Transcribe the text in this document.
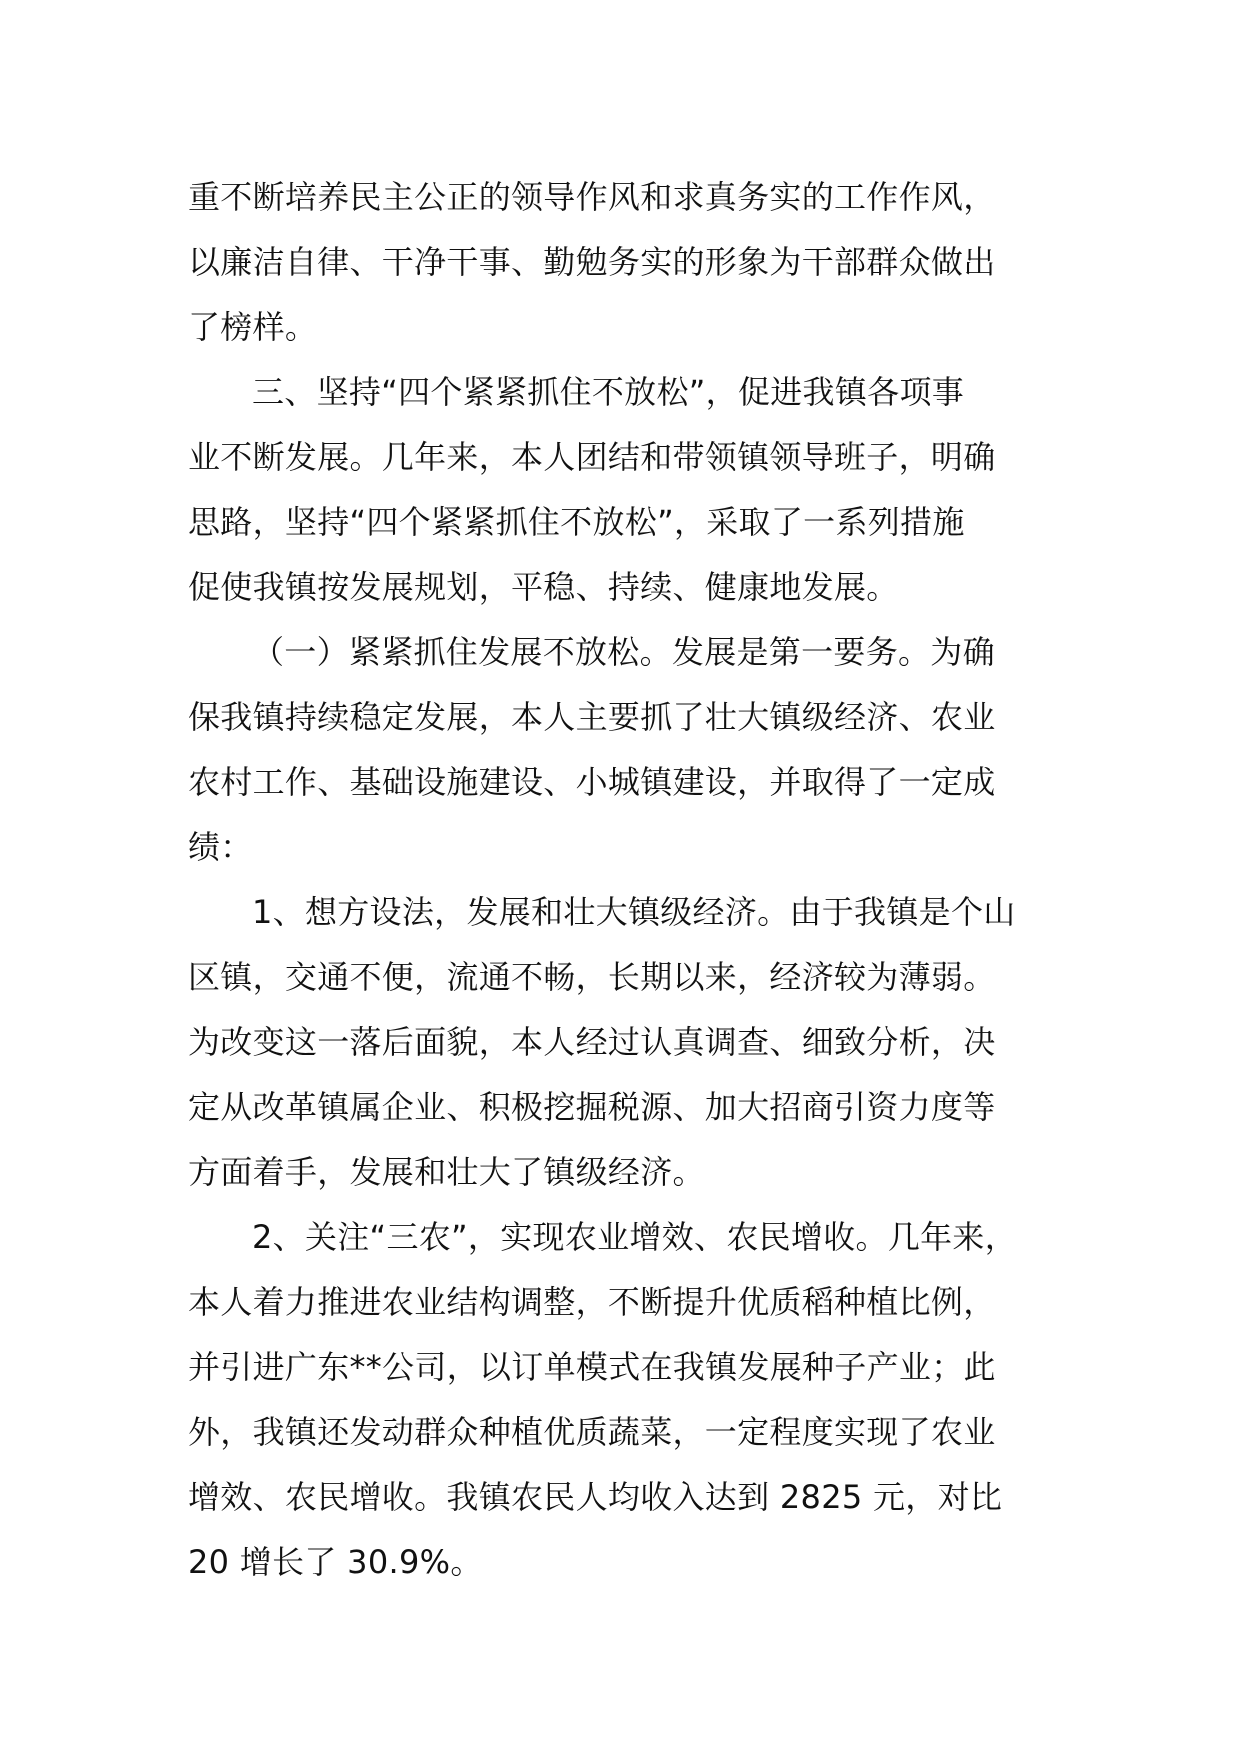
重不断培养民主公正的领导作风和求真务实的工作作风，
以廉洁自律、干净干事、勤勉务实的形象为干部群众做出
了榜样。
三、坚持“四个紧紧抓住不放松”，促进我镇各项事
业不断发展。几年来，本人团结和带领镇领导班子，明确
思路，坚持“四个紧紧抓住不放松”，采取了一系列措施
促使我镇按发展规划，平稳、持续、健康地发展。
（一）紧紧抓住发展不放松。发展是第一要务。为确
保我镇持续稳定发展，本人主要抓了壮大镇级经济、农业
农村工作、基础设施建设、小城镇建设，并取得了一定成
绩：
1、想方设法，发展和壮大镇级经济。由于我镇是个山
区镇，交通不便，流通不畅，长期以来，经济较为薄弱。
为改变这一落后面貌，本人经过认真调查、细致分析，决
定从改革镇属企业、积极挖掘税源、加大招商引资力度等
方面着手，发展和壮大了镇级经济。
2、关注“三农”，实现农业增效、农民增收。几年来，
本人着力推进农业结构调整，不断提升优质稻种植比例，
并引进广东**公司，以订单模式在我镇发展种子产业；此
外，我镇还发动群众种植优质蔬菜，一定程度实现了农业
增效、农民增收。我镇农民人均收入达到 2825 元，对比
20 增长了 30.9%。
